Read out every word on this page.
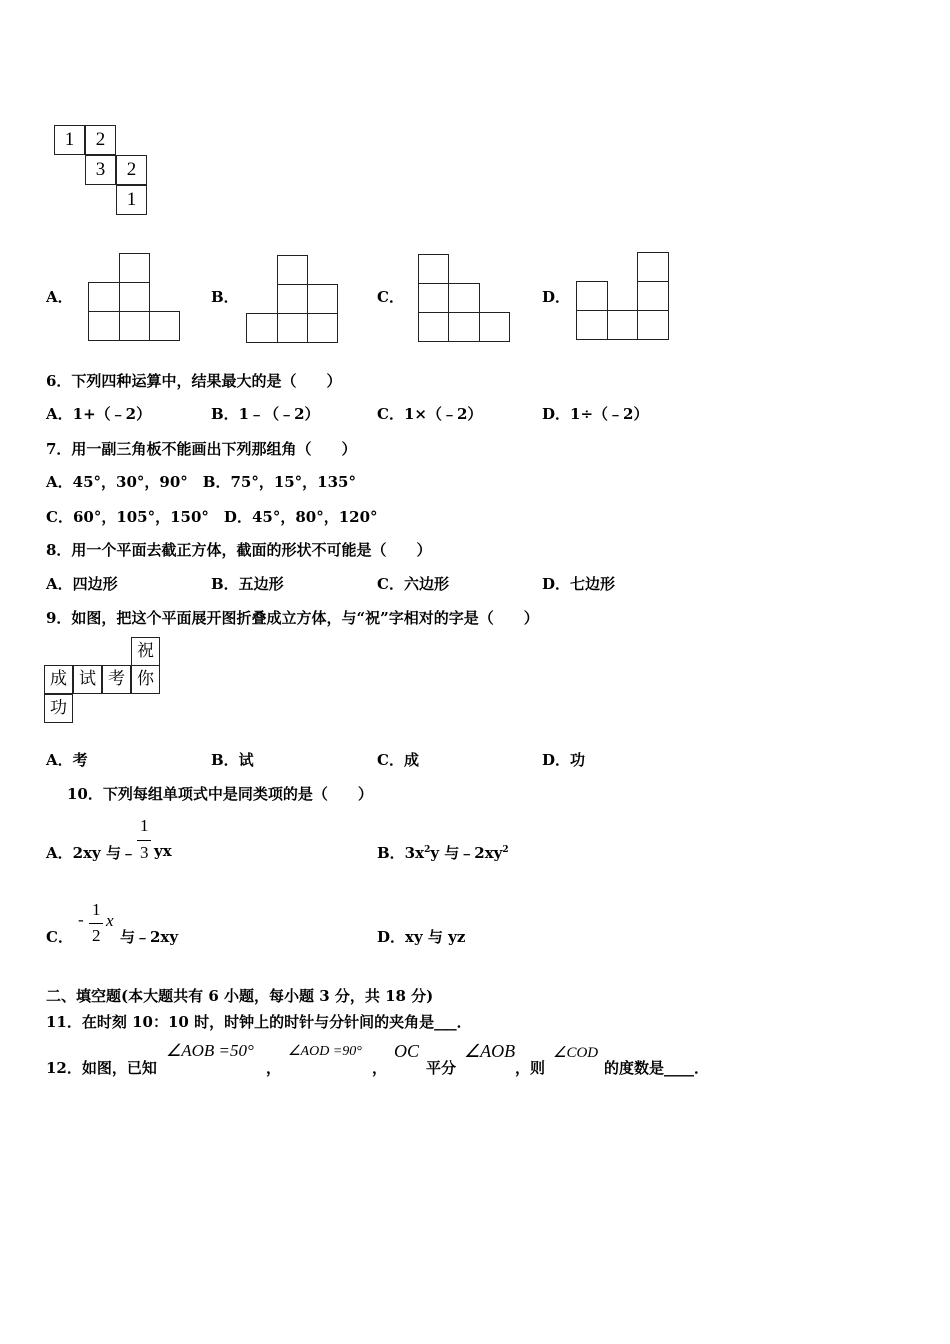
1	2
3	2
1
A．	B．	C．	D．
6．下列四种运算中，结果最大的是（　　）
A．1+（﹣2）	B．1﹣（﹣2）	C．1×（﹣2）	D．1÷（﹣2）
7．用一副三角板不能画出下列那组角（　　）
A．45°，30°，90°　B．75°，15°，135°
C．60°，105°，150°　D．45°，80°，120°
8．用一个平面去截正方体，截面的形状不可能是（　　）
A．四边形	B．五边形	C．六边形	D．七边形
9．如图，把这个平面展开图折叠成立方体，与“祝”字相对的字是（　　）
祝
成 试 考 你
功
A．考	B．试	C．成	D．功
10．下列每组单项式中是同类项的是（　　）
A．2xy 与﹣
1
3 yx	B．$3x^2y$ 与$﹣2xy^2$
C．
-
1
2
x
与﹣2xy	D．xy 与 yz
二、填空题(本大题共有 6 小题，每小题 3 分，共 18 分)
11．在时刻 10：10 时，时钟上的时针与分针间的夹角是___．
12．如图，已知
∠AOB =50°
，
∠AOD =90°
，
OC
平分
∠AOB
，则
∠COD
的度数是____．
